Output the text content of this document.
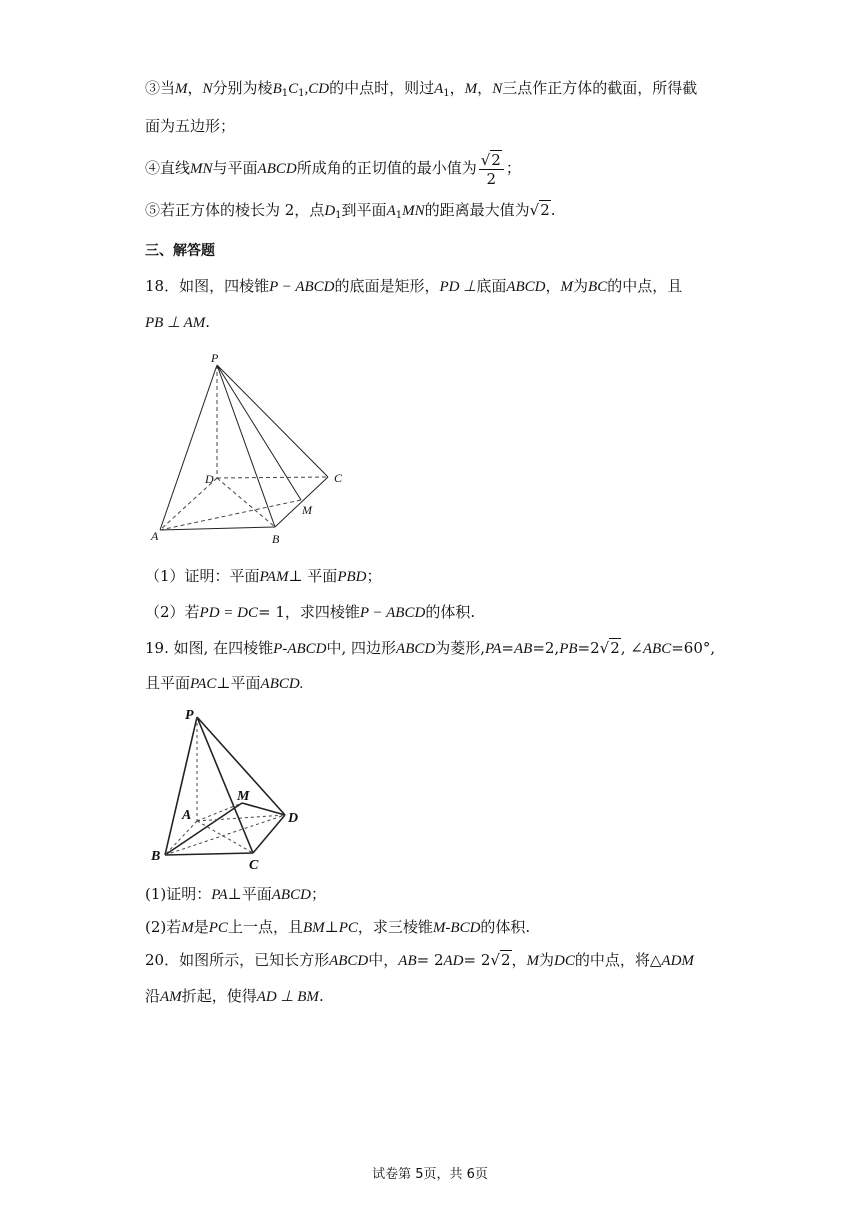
③当M，N分别为棱$B_1C_1,CD$的中点时，则过$A_1$，M，N三点作正方体的截面，所得截
面为五边形；
④直线MN与平面ABCD所成角的正切值的最小值为 $\frac{√2}{2}$ ；
⑤若正方体的棱长为 2，点$D_1$到平面$A_1MN$的距离最大值为√2.
三、解答题
18．如图，四棱锥P − ABCD的底面是矩形，PD ⊥底面ABCD，M为BC的中点，且
PB ⊥ AM.
P
D	C
M
A	B
（1）证明：平面PAM⊥ 平面PBD；
（2）若PD = DC= 1，求四棱锥P − ABCD的体积.
19. 如图, 在四棱锥P-ABCD中, 四边形ABCD为菱形,PA=AB=2,PB=2√2, ∠ABC=60°,
且平面PAC⊥平面ABCD.
P
M
A	D
B
C
(1)证明：PA⊥平面ABCD；
(2)若M是PC上一点，且BM⊥PC，求三棱锥M-BCD的体积.
20．如图所示，已知长方形ABCD中，AB= 2AD= 2√2，M为DC的中点，将△ADM
沿AM折起，使得AD ⊥ BM.
试卷第 5页，共 6页
